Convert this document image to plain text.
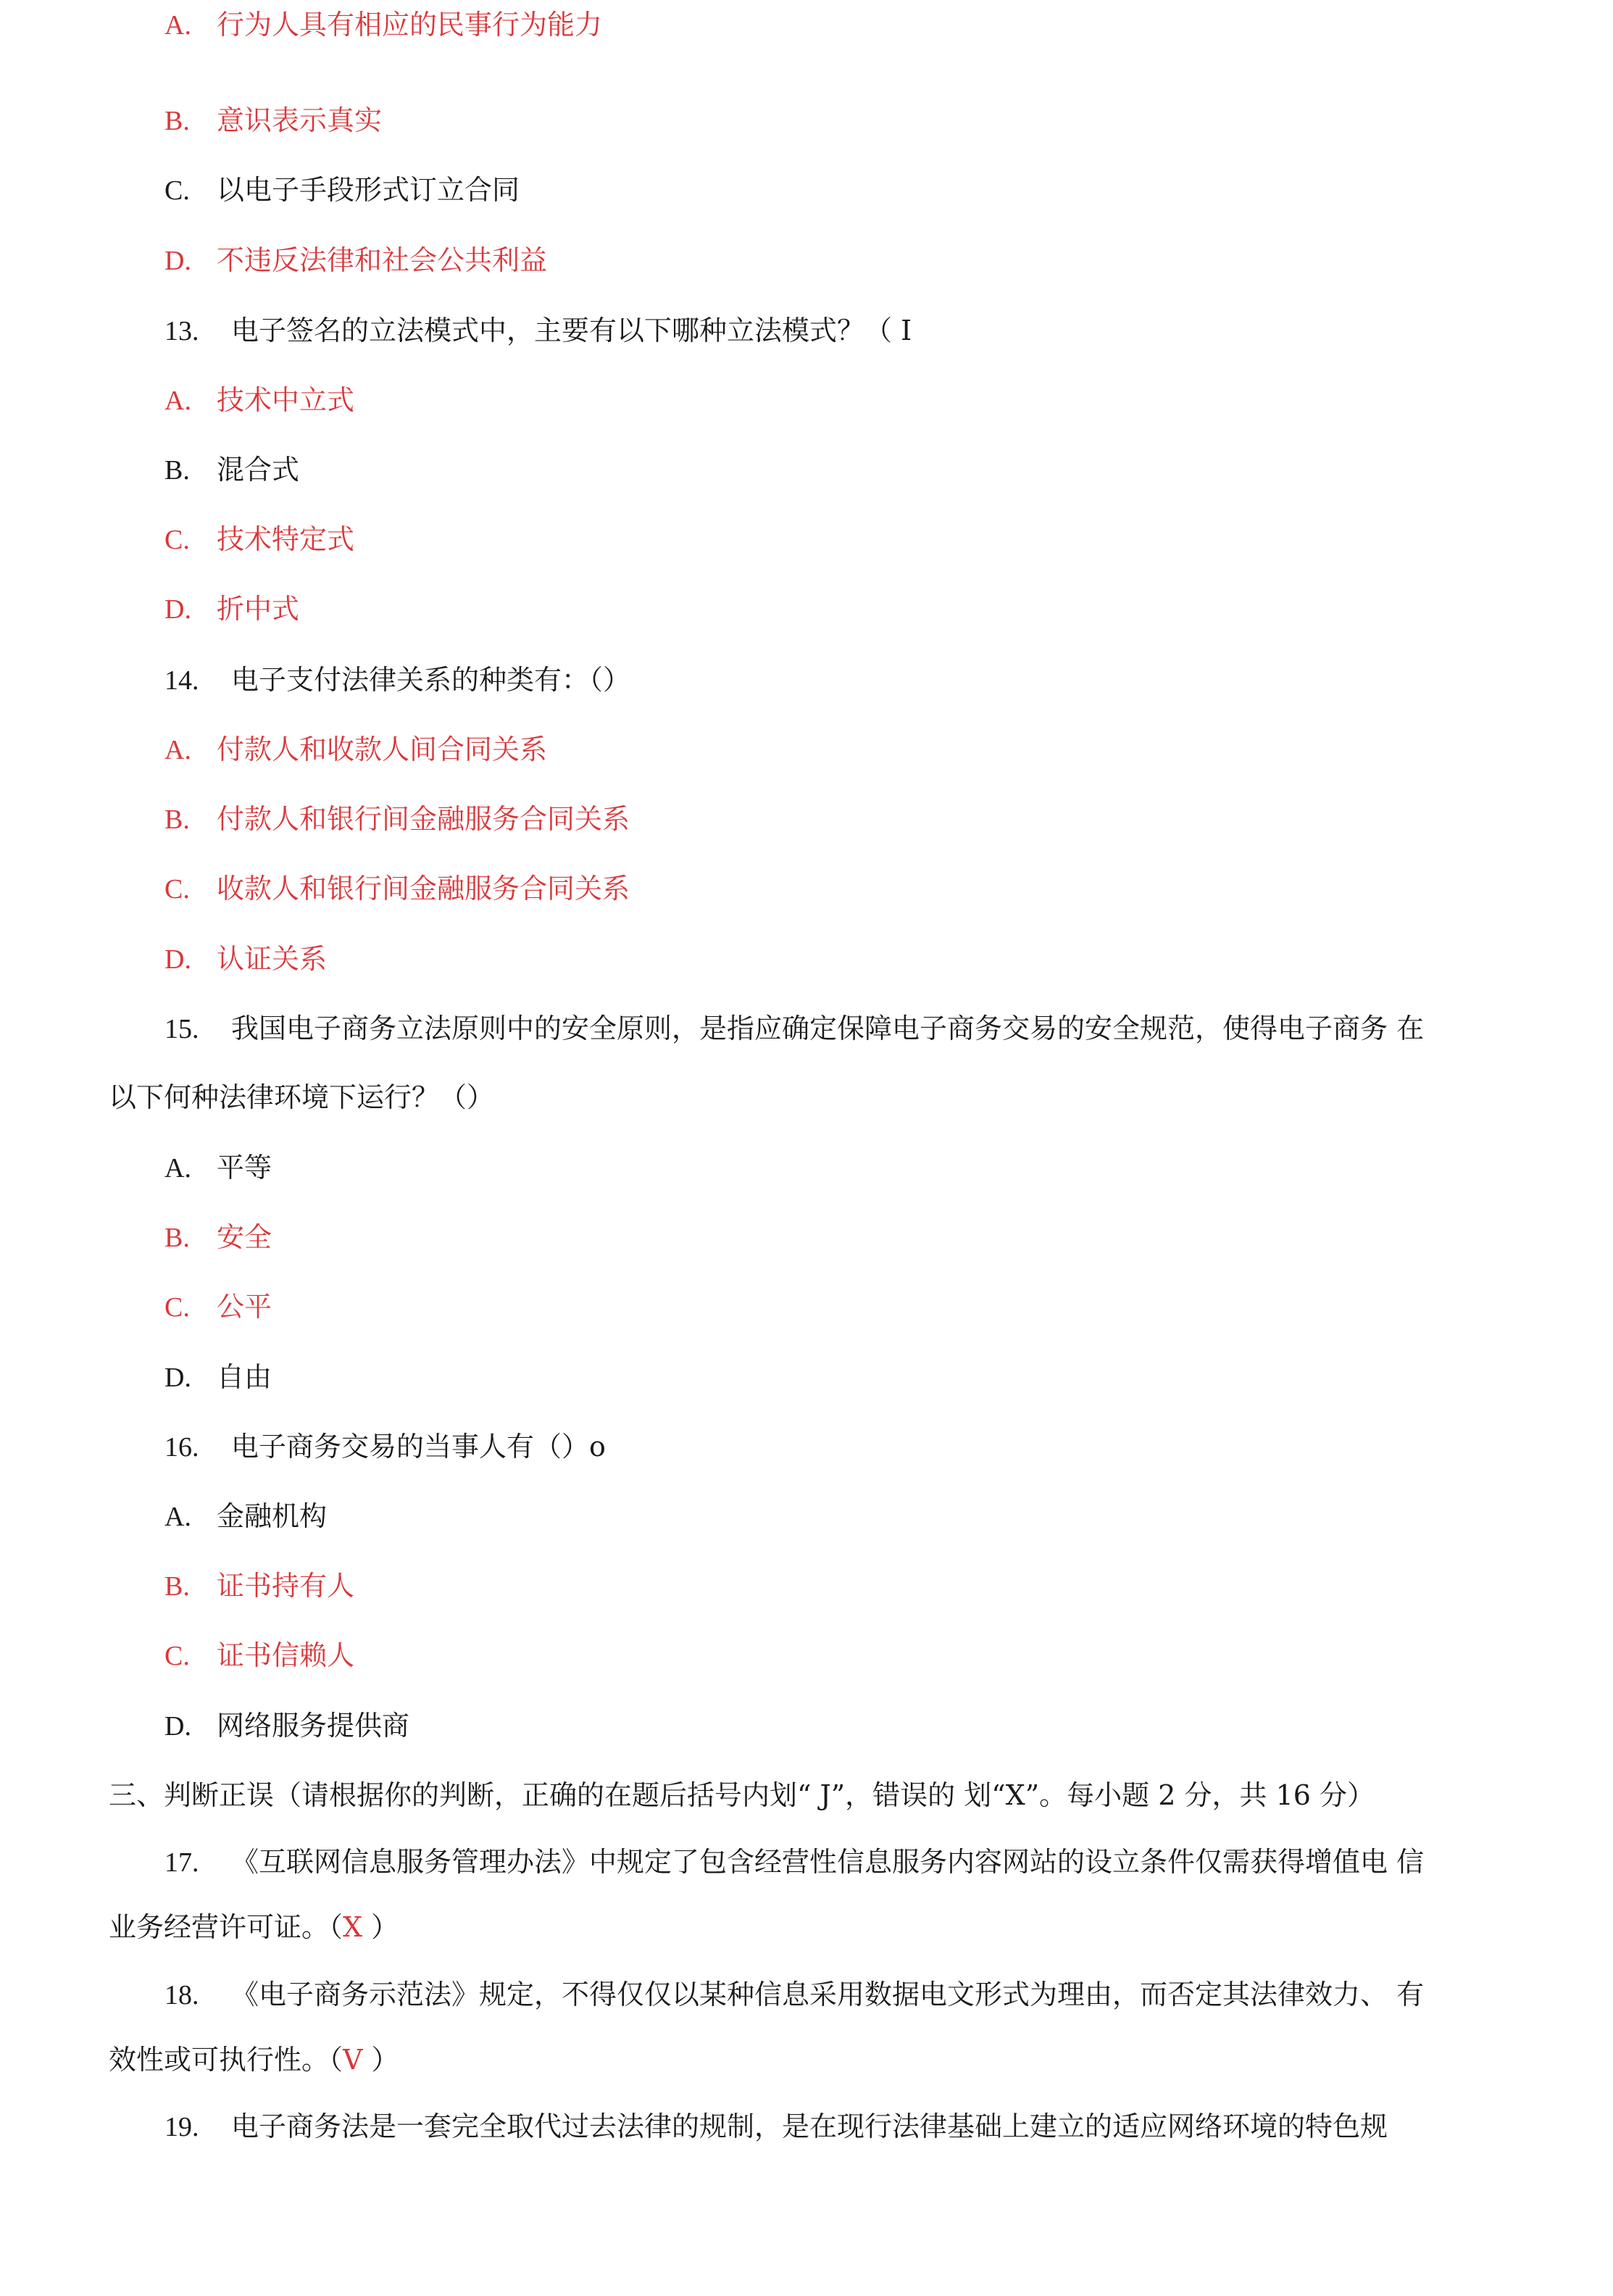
A. 行为人具有相应的民事行为能力
B. 意识表示真实
C. 以电子手段形式订立合同
D. 不违反法律和社会公共利益
13. 电子签名的立法模式中，主要有以下哪种立法模式？（ I
A. 技术中立式
B. 混合式
C. 技术特定式
D. 折中式
14. 电子支付法律关系的种类有：（）
A. 付款人和收款人间合同关系
B. 付款人和银行间金融服务合同关系
C. 收款人和银行间金融服务合同关系
D. 认证关系
15. 我国电子商务立法原则中的安全原则，是指应确定保障电子商务交易的安全规范，使得电子商务 在
以下何种法律环境下运行？（）
A. 平等
B. 安全
C. 公平
D. 自由
16. 电子商务交易的当事人有（）o
A. 金融机构
B. 证书持有人
C. 证书信赖人
D. 网络服务提供商
三、判断正误（请根据你的判断，正确的在题后括号内划“ J”，错误的 划“X”。每小题 2 分，共 16 分）
17. 《互联网信息服务管理办法》中规定了包含经营性信息服务内容网站的设立条件仅需获得增值电 信
业务经营许可证。（X ）
18. 《电子商务示范法》规定，不得仅仅以某种信息采用数据电文形式为理由，而否定其法律效力、 有
效性或可执行性。（V ）
19. 电子商务法是一套完全取代过去法律的规制，是在现行法律基础上建立的适应网络环境的特色规
